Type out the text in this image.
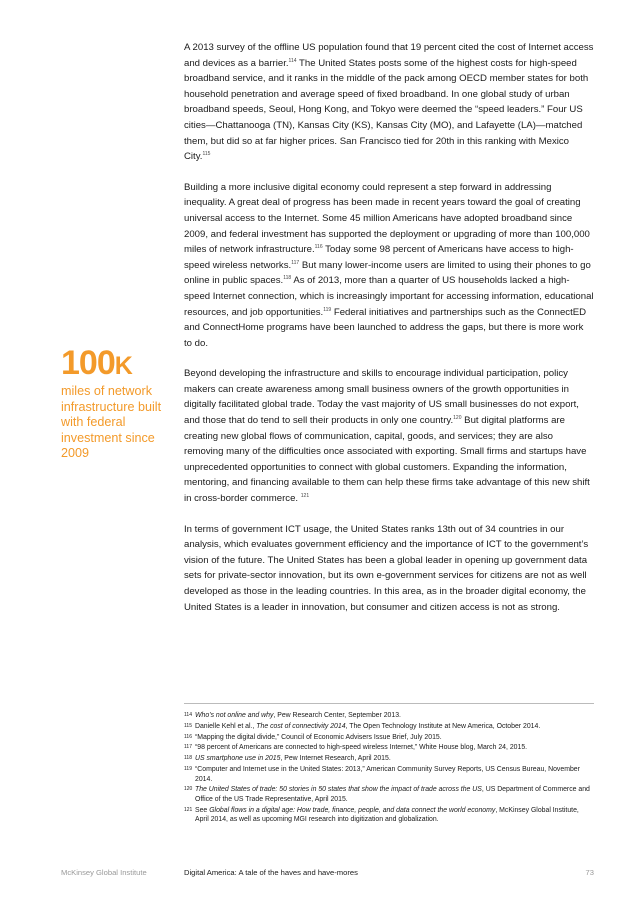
A 2013 survey of the offline US population found that 19 percent cited the cost of Internet access and devices as a barrier.$^{114}$ The United States posts some of the highest costs for high-speed broadband service, and it ranks in the middle of the pack among OECD member states for both household penetration and average speed of fixed broadband. In one global study of urban broadband speeds, Seoul, Hong Kong, and Tokyo were deemed the “speed leaders.” Four US cities—Chattanooga (TN), Kansas City (KS), Kansas City (MO), and Lafayette (LA)—matched them, but did so at far higher prices. San Francisco tied for 20th in this ranking with Mexico City.$^{115}$

Building a more inclusive digital economy could represent a step forward in addressing inequality. A great deal of progress has been made in recent years toward the goal of creating universal access to the Internet. Some 45 million Americans have adopted broadband since 2009, and federal investment has supported the deployment or upgrading of more than 100,000 miles of network infrastructure.$^{116}$ Today some 98 percent of Americans have access to high-speed wireless networks.$^{117}$ But many lower-income users are limited to using their phones to go online in public spaces.$^{118}$ As of 2013, more than a quarter of US households lacked a high-speed Internet connection, which is increasingly important for accessing information, educational resources, and job opportunities.$^{119}$ Federal initiatives and partnerships such as the ConnectED and ConnectHome programs have been launched to address the gaps, but there is more work to do.

Beyond developing the infrastructure and skills to encourage individual participation, policy makers can create awareness among small business owners of the growth opportunities in digitally facilitated global trade. Today the vast majority of US small businesses do not export, and those that do tend to sell their products in only one country.$^{120}$ But digital platforms are creating new global flows of communication, capital, goods, and services; they are also removing many of the difficulties once associated with exporting. Small firms and startups have unprecedented opportunities to connect with global customers. Expanding the information, mentoring, and financing available to them can help these firms take advantage of this new shift in cross-border commerce. $^{121}$

In terms of government ICT usage, the United States ranks 13th out of 34 countries in our analysis, which evaluates government efficiency and the importance of ICT to the government’s vision of the future. The United States has been a global leader in opening up government data sets for private-sector innovation, but its own e-government services for citizens are not as well developed as those in the leading countries. In this area, as in the broader digital economy, the United States is a leader in innovation, but consumer and citizen access is not as strong.

100K
miles of network infrastructure built with federal investment since 2009
114 Who’s not online and why, Pew Research Center, September 2013.
115 Danielle Kehl et al., The cost of connectivity 2014, The Open Technology Institute at New America, October 2014.
116 “Mapping the digital divide,” Council of Economic Advisers Issue Brief, July 2015.
117 “98 percent of Americans are connected to high-speed wireless Internet,” White House blog, March 24, 2015.
118 US smartphone use in 2015, Pew Internet Research, April 2015.
119 “Computer and Internet use in the United States: 2013,” American Community Survey Reports, US Census Bureau, November 2014.
120 The United States of trade: 50 stories in 50 states that show the impact of trade across the US, US Department of Commerce and Office of the US Trade Representative, April 2015.
121 See Global flows in a digital age: How trade, finance, people, and data connect the world economy, McKinsey Global Institute, April 2014, as well as upcoming MGI research into digitization and globalization.
McKinsey Global Institute	Digital America: A tale of the haves and have-mores	73
